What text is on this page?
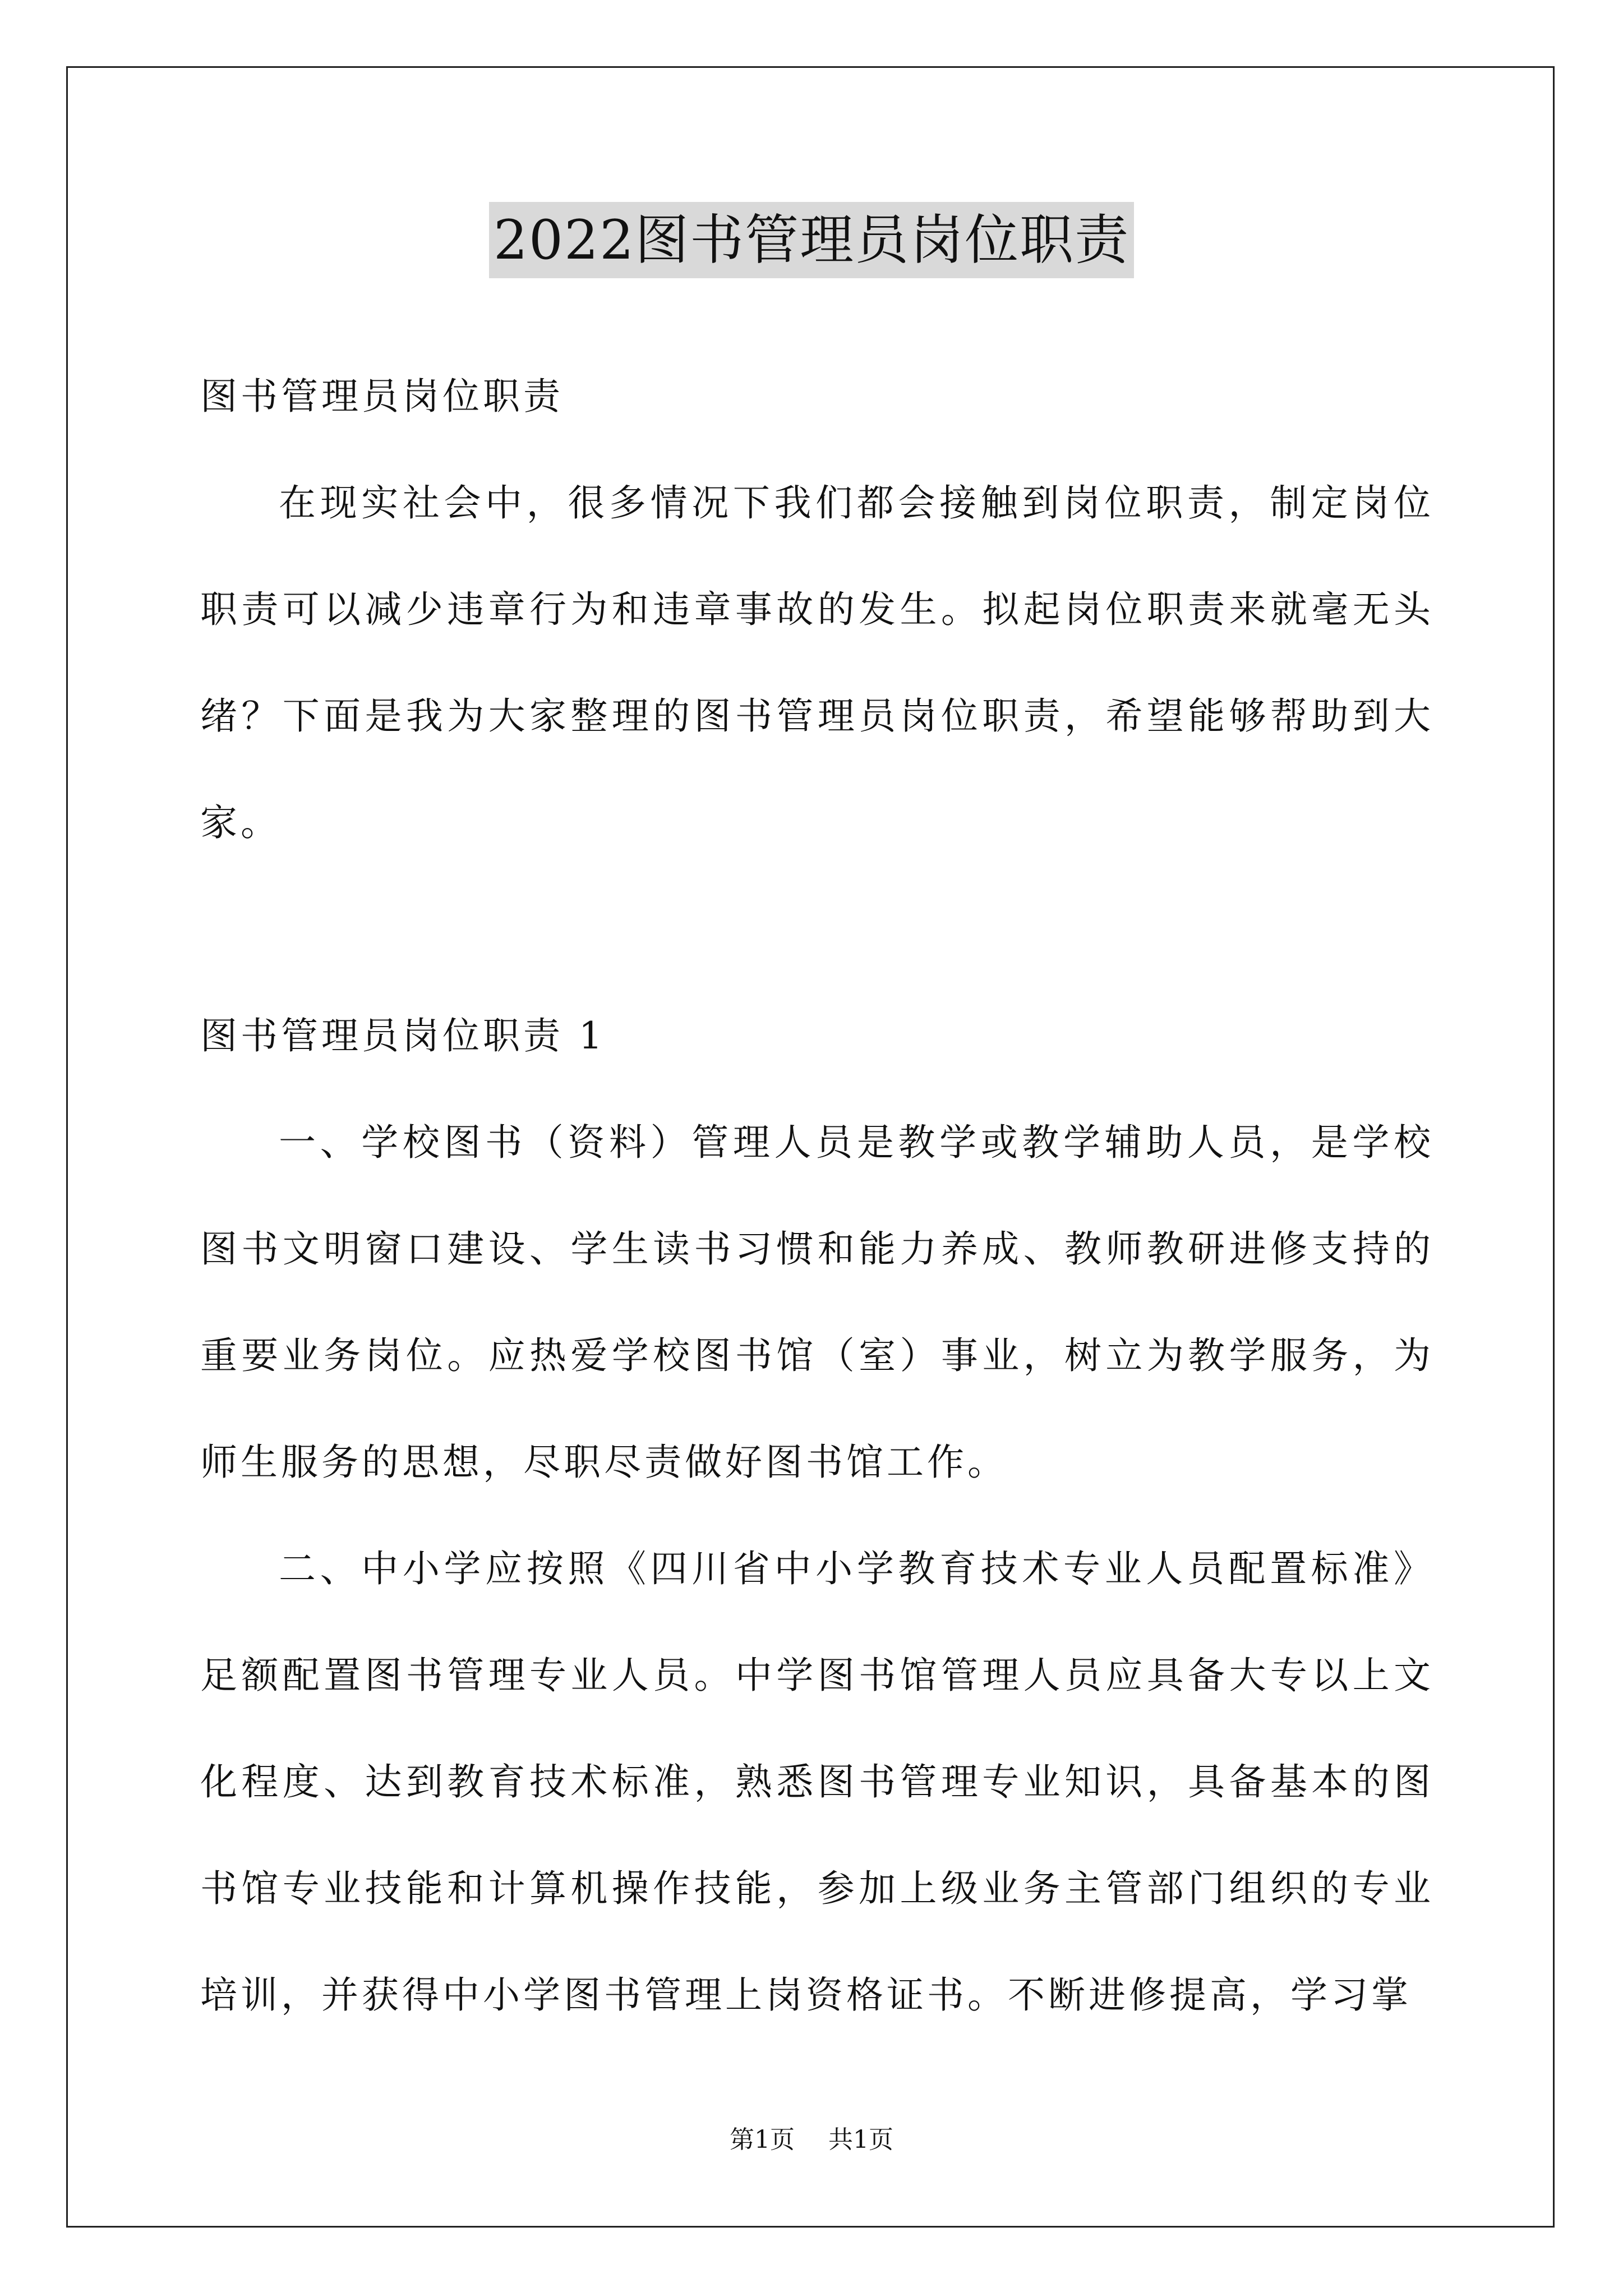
2022图书管理员岗位职责

图书管理员岗位职责

在现实社会中，很多情况下我们都会接触到岗位职责，制定岗位职责可以减少违章行为和违章事故的发生。拟起岗位职责来就毫无头绪？下面是我为大家整理的图书管理员岗位职责，希望能够帮助到大家。

图书管理员岗位职责 1

一、学校图书（资料）管理人员是教学或教学辅助人员，是学校图书文明窗口建设、学生读书习惯和能力养成、教师教研进修支持的重要业务岗位。应热爱学校图书馆（室）事业，树立为教学服务，为师生服务的思想，尽职尽责做好图书馆工作。

二、中小学应按照《四川省中小学教育技术专业人员配置标准》足额配置图书管理专业人员。中学图书馆管理人员应具备大专以上文化程度、达到教育技术标准，熟悉图书管理专业知识，具备基本的图书馆专业技能和计算机操作技能，参加上级业务主管部门组织的专业培训，并获得中小学图书管理上岗资格证书。不断进修提高，学习掌

第1页 共1页
